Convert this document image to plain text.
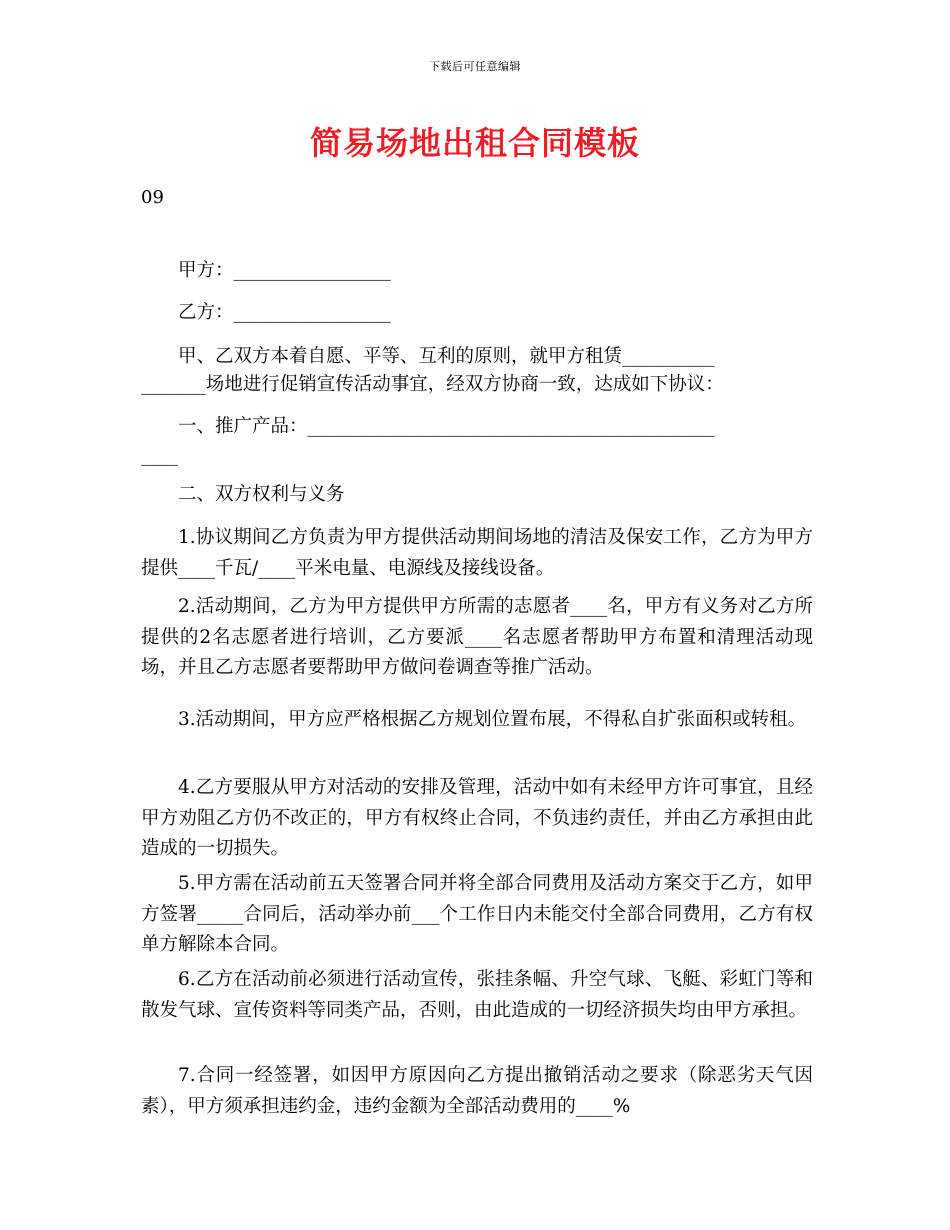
下载后可任意编辑
简易场地出租合同模板
09
甲方：_________________
乙方：_________________
甲、乙双方本着自愿、平等、互利的原则，就甲方租赁__________
_______场地进行促销宣传活动事宜，经双方协商一致，达成如下协议：
一、推广产品：____________________________________________
____
二、双方权利与义务
1.协议期间乙方负责为甲方提供活动期间场地的清洁及保安工作，乙方为甲方提供____千瓦/____平米电量、电源线及接线设备。
2.活动期间，乙方为甲方提供甲方所需的志愿者____名，甲方有义务对乙方所提供的2名志愿者进行培训，乙方要派____名志愿者帮助甲方布置和清理活动现场，并且乙方志愿者要帮助甲方做问卷调查等推广活动。
3.活动期间，甲方应严格根据乙方规划位置布展，不得私自扩张面积或转租。
4.乙方要服从甲方对活动的安排及管理，活动中如有未经甲方许可事宜，且经甲方劝阻乙方仍不改正的，甲方有权终止合同，不负违约责任，并由乙方承担由此造成的一切损失。
5.甲方需在活动前五天签署合同并将全部合同费用及活动方案交于乙方，如甲方签署_____合同后，活动举办前___个工作日内未能交付全部合同费用，乙方有权单方解除本合同。
6.乙方在活动前必须进行活动宣传，张挂条幅、升空气球、飞艇、彩虹门等和散发气球、宣传资料等同类产品，否则，由此造成的一切经济损失均由甲方承担。
7.合同一经签署，如因甲方原因向乙方提出撤销活动之要求（除恶劣天气因素），甲方须承担违约金，违约金额为全部活动费用的____%
